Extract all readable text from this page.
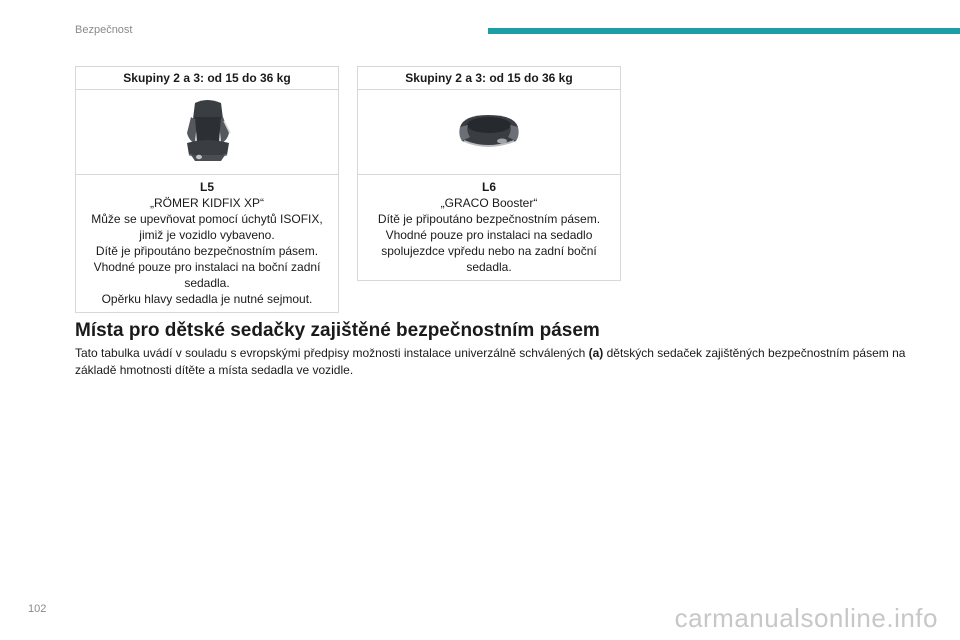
Bezpečnost
Skupiny 2 a 3: od 15 do 36 kg

L5
„RÖMER KIDFIX XP“
Může se upevňovat pomocí úchytů ISOFIX,
jimiž je vozidlo vybaveno.
Dítě je připoutáno bezpečnostním pásem.
Vhodné pouze pro instalaci na boční zadní
sedadla.
Opěrku hlavy sedadla je nutné sejmout.
Skupiny 2 a 3: od 15 do 36 kg

L6
„GRACO Booster“
Dítě je připoutáno bezpečnostním pásem.
Vhodné pouze pro instalaci na sedadlo
spolujezdce vpředu nebo na zadní boční
sedadla.
Místa pro dětské sedačky zajištěné bezpečnostním pásem
Tato tabulka uvádí v souladu s evropskými předpisy možnosti instalace univerzálně schválených (a) dětských sedaček zajištěných bezpečnostním pásem na základě hmotnosti dítěte a místa sedadla ve vozidle.
102	carmanualsonline.info
